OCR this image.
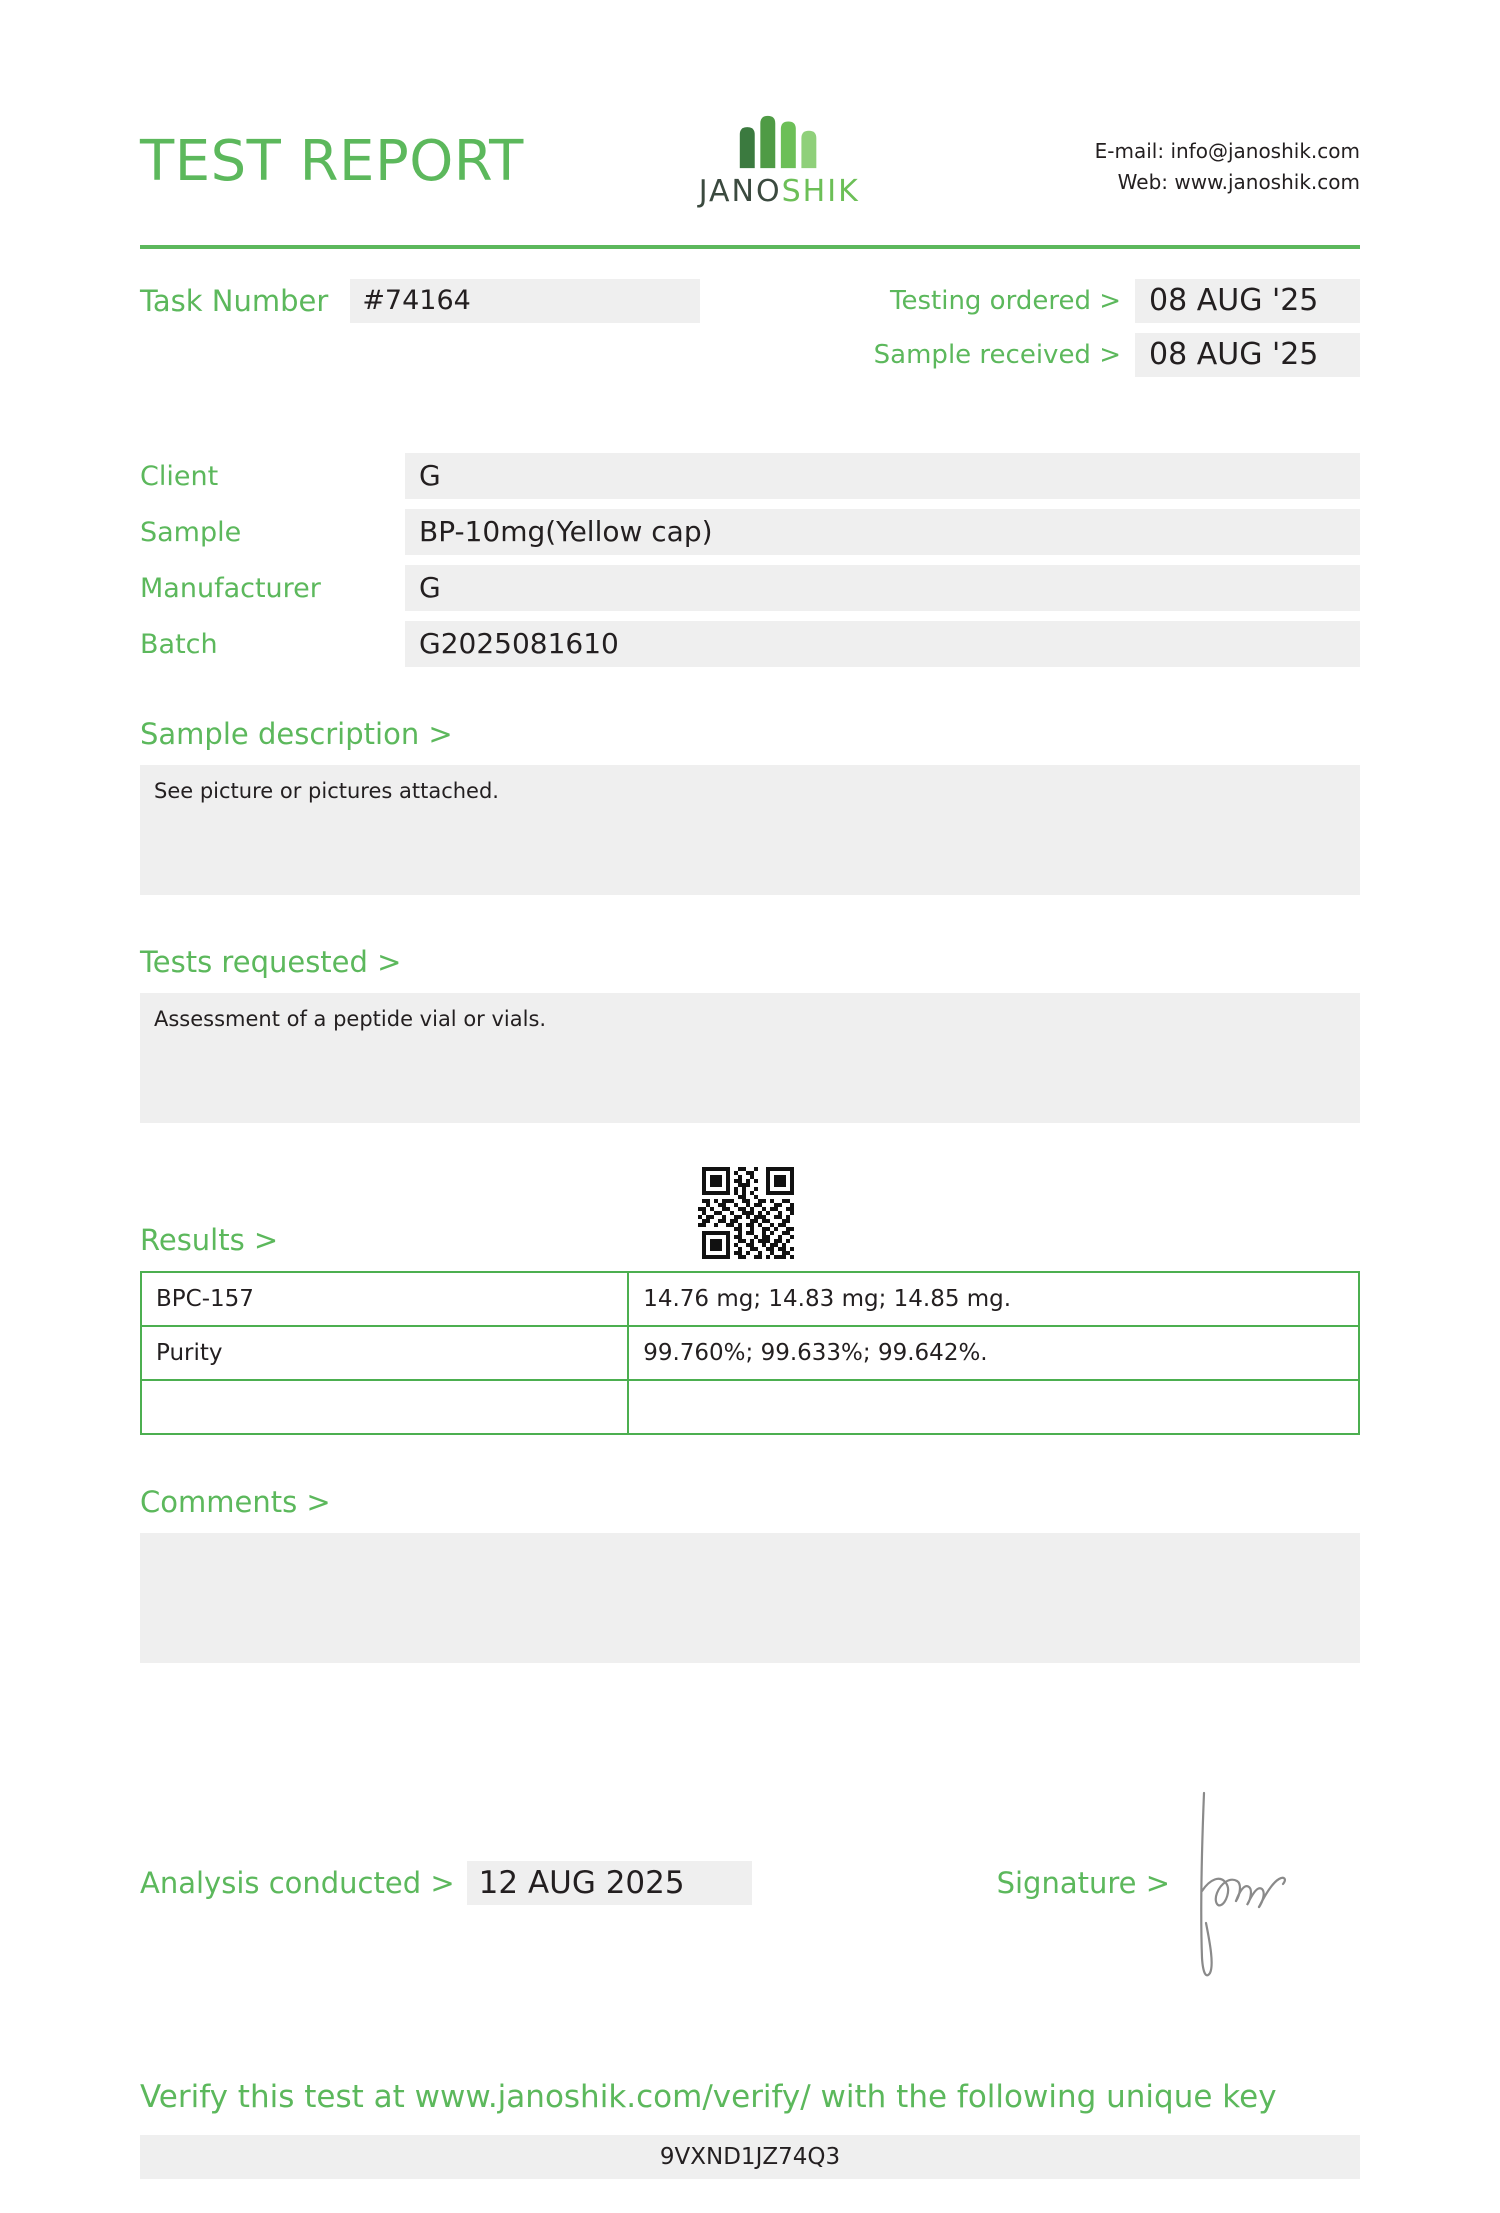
TEST REPORT	JANOSHIK
E-mail: info@janoshik.com
Web: www.janoshik.com
Task Number	#74164	Testing ordered > 08 AUG '25
Sample received > 08 AUG '25
Client	G
Sample	BP-10mg(Yellow cap)
Manufacturer	G
Batch	G2025081610
Sample description >
See picture or pictures attached.
Tests requested >
Assessment of a peptide vial or vials.
Results >
BPC-157	14.76 mg; 14.83 mg; 14.85 mg.
Purity	99.760%; 99.633%; 99.642%.

Comments >
Analysis conducted > 12 AUG 2025	Signature >
Verify this test at www.janoshik.com/verify/ with the following unique key
9VXND1JZ74Q3
